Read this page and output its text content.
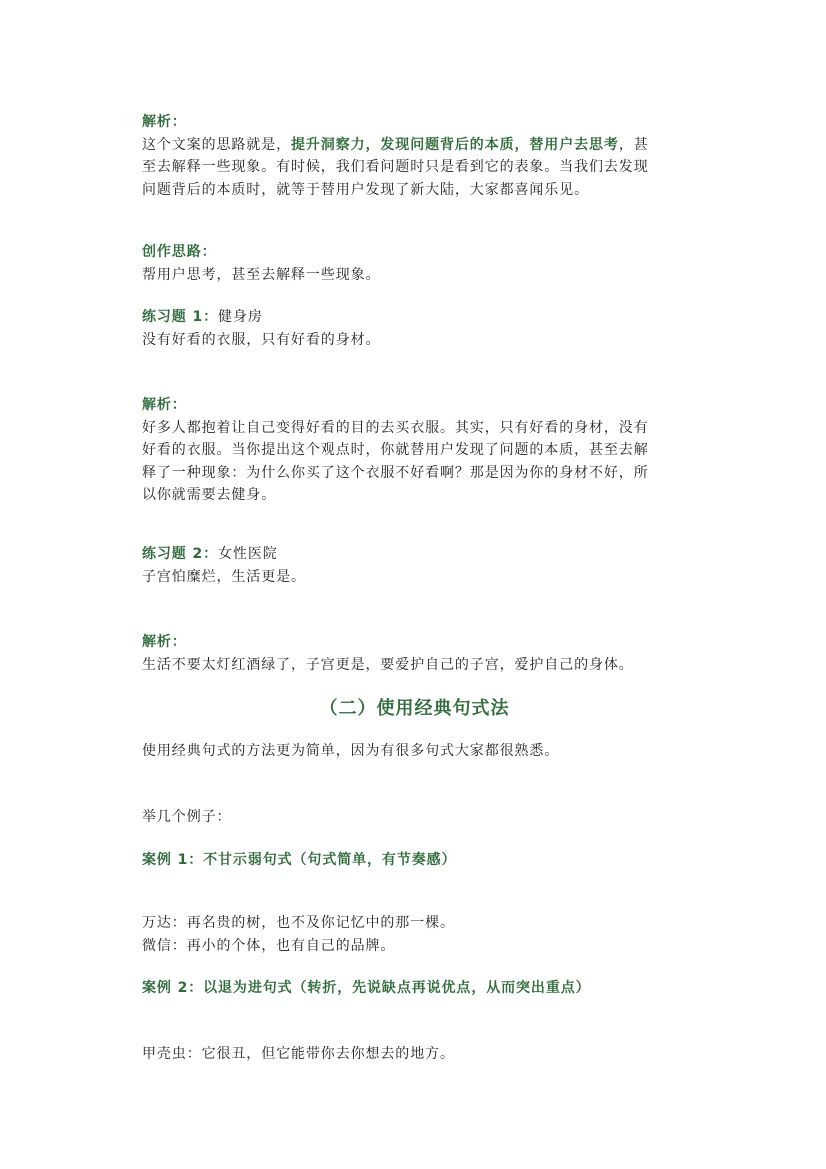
解析：
这个文案的思路就是，提升洞察力，发现问题背后的本质，替用户去思考，甚
至去解释一些现象。有时候，我们看问题时只是看到它的表象。当我们去发现
问题背后的本质时，就等于替用户发现了新大陆，大家都喜闻乐见。
创作思路：
帮用户思考，甚至去解释一些现象。
练习题 1：健身房
没有好看的衣服，只有好看的身材。
解析：
好多人都抱着让自己变得好看的目的去买衣服。其实，只有好看的身材，没有
好看的衣服。当你提出这个观点时，你就替用户发现了问题的本质，甚至去解
释了一种现象：为什么你买了这个衣服不好看啊？那是因为你的身材不好，所
以你就需要去健身。
练习题 2：女性医院
子宫怕糜烂，生活更是。
解析：
生活不要太灯红酒绿了，子宫更是，要爱护自己的子宫，爱护自己的身体。
（二）使用经典句式法
使用经典句式的方法更为简单，因为有很多句式大家都很熟悉。
举几个例子：
案例 1：不甘示弱句式（句式简单，有节奏感）
万达：再名贵的树，也不及你记忆中的那一棵。
微信：再小的个体，也有自己的品牌。
案例 2：以退为进句式（转折，先说缺点再说优点，从而突出重点）
甲壳虫：它很丑，但它能带你去你想去的地方。
